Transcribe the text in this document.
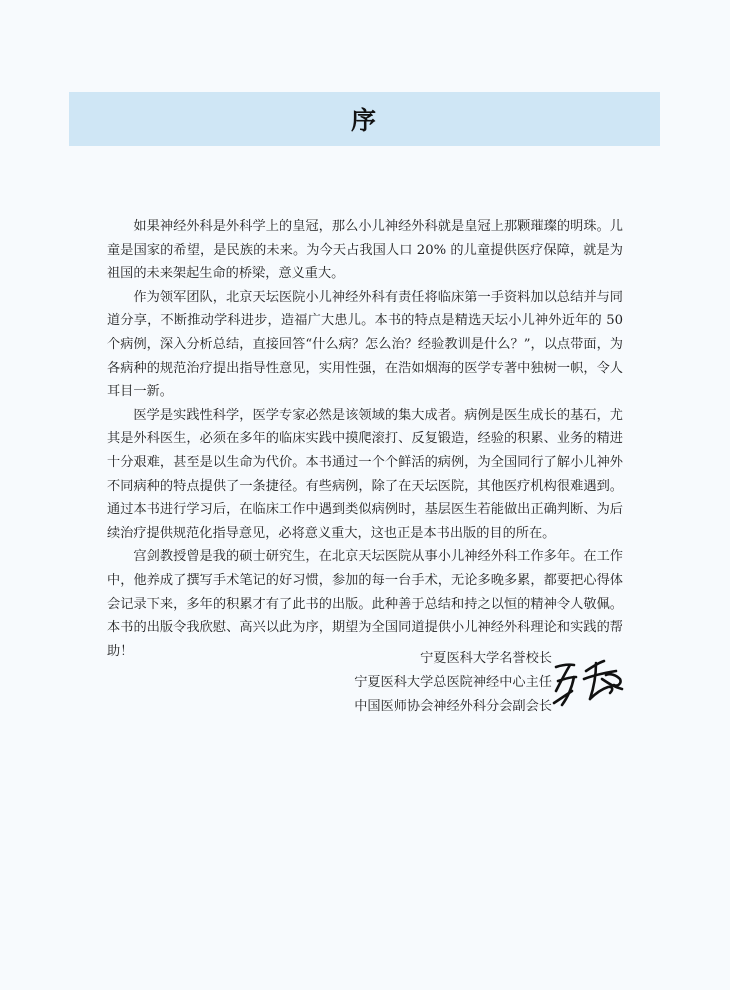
序

如果神经外科是外科学上的皇冠，那么小儿神经外科就是皇冠上那颗璀璨的明珠。儿童是国家的希望，是民族的未来。为今天占我国人口 20% 的儿童提供医疗保障，就是为祖国的未来架起生命的桥梁，意义重大。

作为领军团队，北京天坛医院小儿神经外科有责任将临床第一手资料加以总结并与同道分享，不断推动学科进步，造福广大患儿。本书的特点是精选天坛小儿神外近年的 50 个病例，深入分析总结，直接回答“什么病？怎么治？经验教训是什么？”，以点带面，为各病种的规范治疗提出指导性意见，实用性强，在浩如烟海的医学专著中独树一帜，令人耳目一新。

医学是实践性科学，医学专家必然是该领域的集大成者。病例是医生成长的基石，尤其是外科医生，必须在多年的临床实践中摸爬滚打、反复锻造，经验的积累、业务的精进十分艰难，甚至是以生命为代价。本书通过一个个鲜活的病例，为全国同行了解小儿神外不同病种的特点提供了一条捷径。有些病例，除了在天坛医院，其他医疗机构很难遇到。通过本书进行学习后，在临床工作中遇到类似病例时，基层医生若能做出正确判断、为后续治疗提供规范化指导意见，必将意义重大，这也正是本书出版的目的所在。

宫剑教授曾是我的硕士研究生，在北京天坛医院从事小儿神经外科工作多年。在工作中，他养成了撰写手术笔记的好习惯，参加的每一台手术，无论多晚多累，都要把心得体会记录下来，多年的积累才有了此书的出版。此种善于总结和持之以恒的精神令人敬佩。本书的出版令我欣慰、高兴以此为序，期望为全国同道提供小儿神经外科理论和实践的帮助！	宁夏医科大学名誉校长
宁夏医科大学总医院神经中心主任
中国医师协会神经外科分会副会长
